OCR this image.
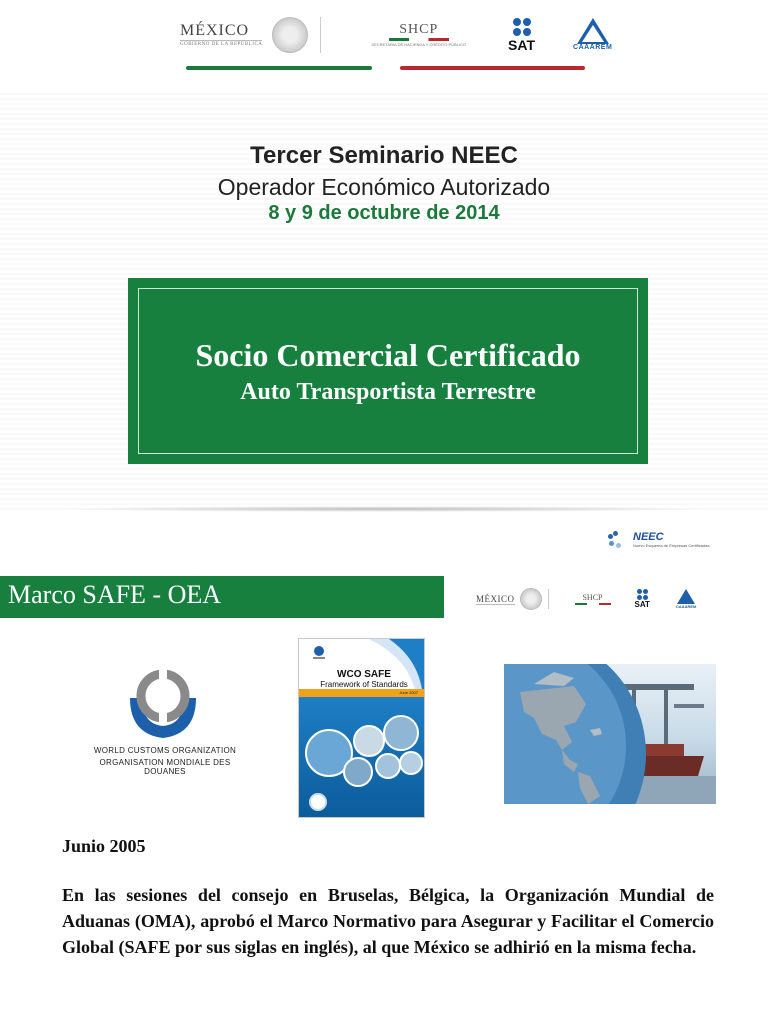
MÉXICO
GOBIERNO DE LA REPÚBLICA
SHCP
SECRETARÍA DE HACIENDA Y CRÉDITO PÚBLICO	SAT	CAAAREM
Tercer Seminario NEEC
Operador Económico Autorizado
8 y 9 de octubre de 2014
Socio Comercial Certificado
Auto Transportista Terrestre
NEEC
Nuevo Esquema de Empresas Certificadas
Marco SAFE - OEA	MÉXICO	SHCP
SAT	CAAAREM
WORLD CUSTOMS ORGANIZATION
ORGANISATION MONDIALE DES DOUANES
WCO SAFE
Framework of Standards
June 2007
Junio 2005
En las sesiones del consejo en Bruselas, Bélgica, la Organización Mundial de Aduanas (OMA), aprobó el Marco Normativo para Asegurar y Facilitar el Comercio Global (SAFE por sus siglas en inglés), al que México se adhirió en la misma fecha.
